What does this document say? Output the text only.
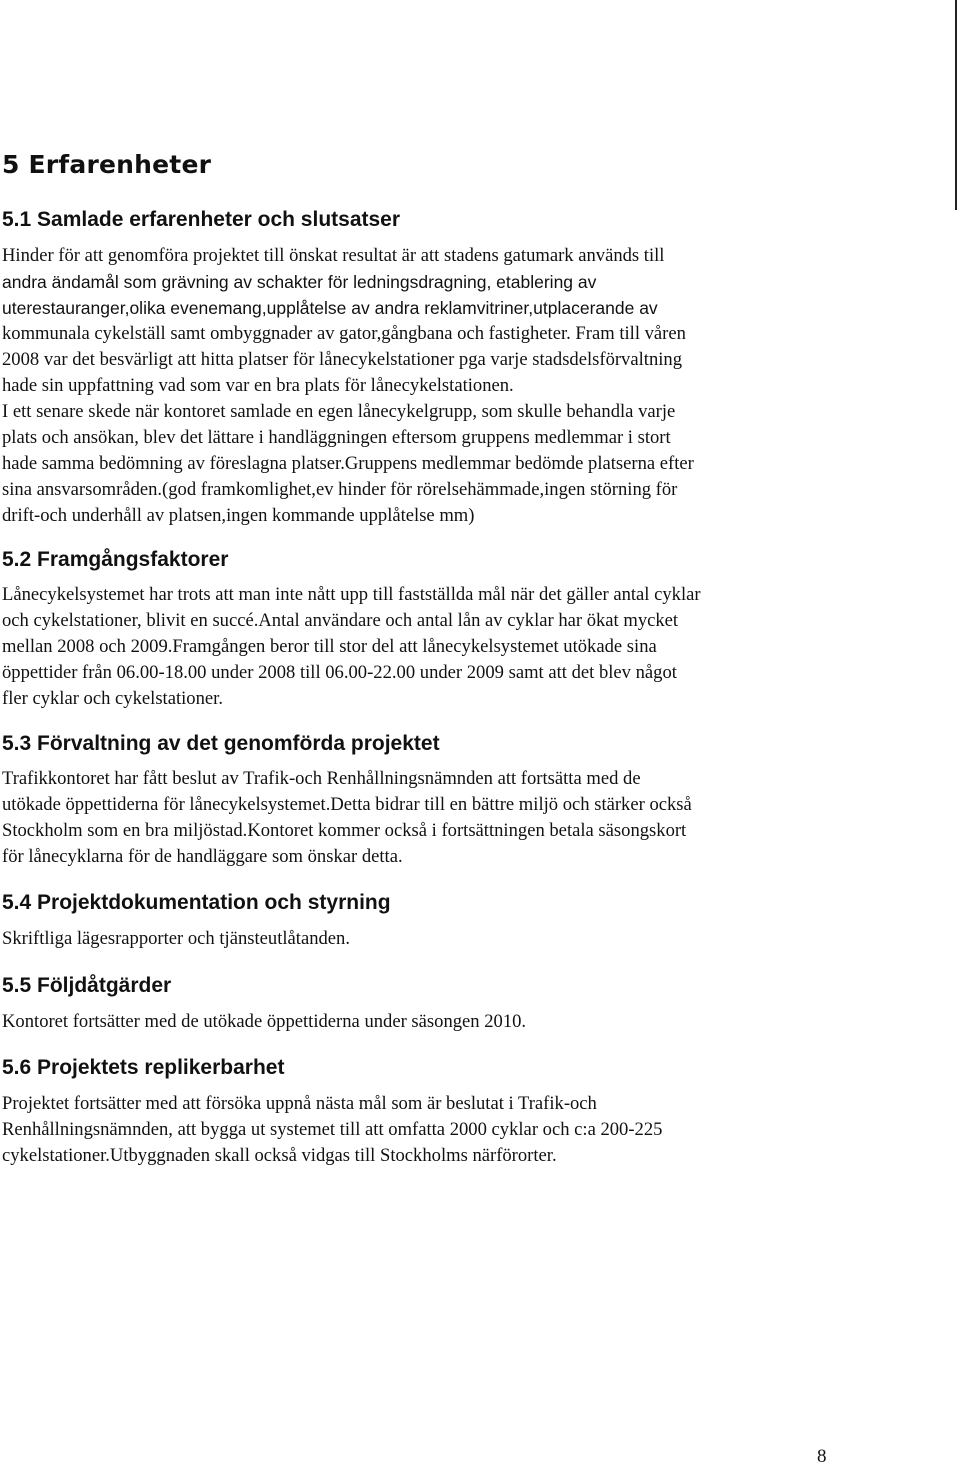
5 Erfarenheter
5.1 Samlade erfarenheter och slutsatser
Hinder för att genomföra projektet till önskat resultat är att stadens gatumark används till
andra ändamål som grävning av schakter för ledningsdragning, etablering av
uterestauranger,olika evenemang,upplåtelse av andra reklamvitriner,utplacerande av
kommunala cykelställ samt ombyggnader av gator,gångbana och fastigheter. Fram till våren
2008 var det besvärligt att hitta platser för lånecykelstationer pga varje stadsdelsförvaltning
hade sin uppfattning vad som var en bra plats för lånecykelstationen.
I ett senare skede när kontoret samlade en egen lånecykelgrupp, som skulle behandla varje
plats och ansökan, blev det lättare i handläggningen eftersom gruppens medlemmar i stort
hade samma bedömning av föreslagna platser.Gruppens medlemmar bedömde platserna efter
sina ansvarsområden.(god framkomlighet,ev hinder för rörelsehämmade,ingen störning för
drift-och underhåll av platsen,ingen kommande upplåtelse mm)
5.2 Framgångsfaktorer
Lånecykelsystemet har trots att man inte nått upp till fastställda mål när det gäller antal cyklar
och cykelstationer, blivit en succé.Antal användare och antal lån av cyklar har ökat mycket
mellan 2008 och 2009.Framgången beror till stor del att lånecykelsystemet utökade sina
öppettider från 06.00-18.00 under 2008 till 06.00-22.00 under 2009 samt att det blev något
fler cyklar och cykelstationer.
5.3 Förvaltning av det genomförda projektet
Trafikkontoret har fått beslut av Trafik-och Renhållningsnämnden att fortsätta med de
utökade öppettiderna för lånecykelsystemet.Detta bidrar till en bättre miljö och stärker också
Stockholm som en bra miljöstad.Kontoret kommer också i fortsättningen betala säsongskort
för lånecyklarna för de handläggare som önskar detta.
5.4 Projektdokumentation och styrning
Skriftliga lägesrapporter och tjänsteutlåtanden.
5.5 Följdåtgärder
Kontoret fortsätter med de utökade öppettiderna under säsongen 2010.
5.6 Projektets replikerbarhet
Projektet fortsätter med att försöka uppnå nästa mål som är beslutat i Trafik-och
Renhållningsnämnden, att bygga ut systemet till att omfatta 2000 cyklar och c:a 200-225
cykelstationer.Utbyggnaden skall också vidgas till Stockholms närförorter.
8
